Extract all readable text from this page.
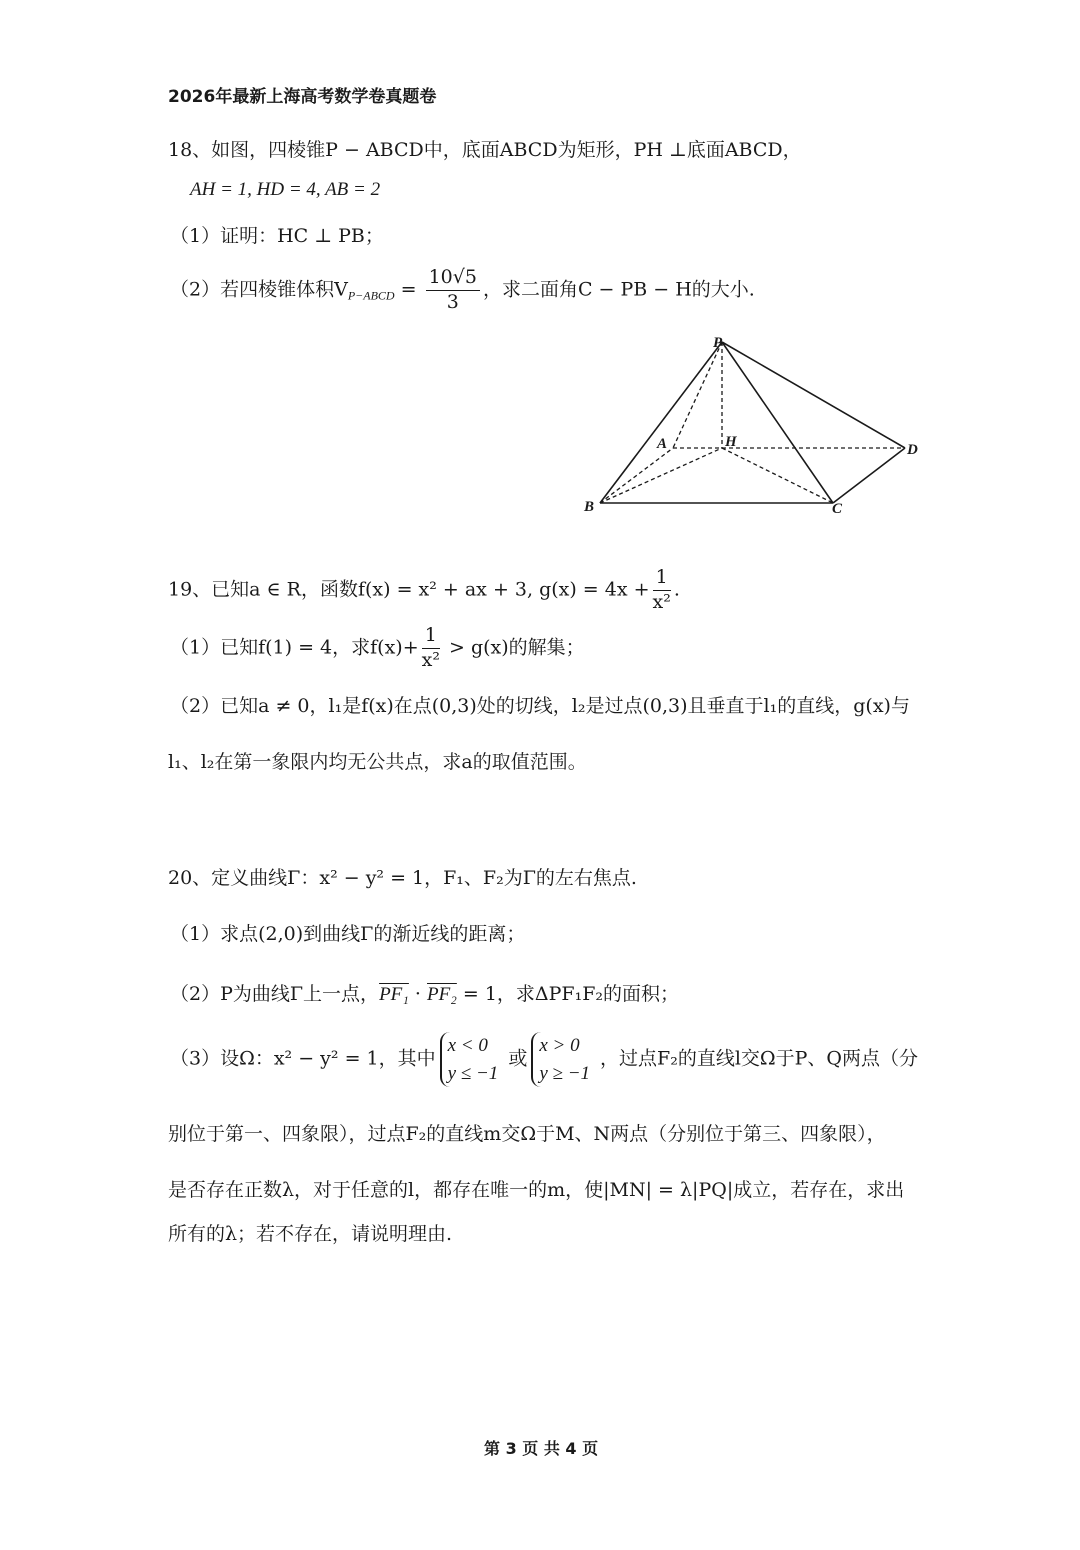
2026年最新上海高考数学卷真题卷
18、如图，四棱锥P − ABCD中，底面ABCD为矩形，PH ⊥底面ABCD，
AH = 1, HD = 4, AB = 2
（1）证明：HC ⊥ PB；
（2）若四棱锥体积$V_{P-ABCD} = \frac{10√5}{3}$ ，求二面角C − PB − H的大小.
P
A	H	D
B	C
19、已知a ∈ R，函数f(x) = x² + ax + 3, $g(x) = 4x + \frac{1}{\text{x²}}$ .
（1）已知f(1) = 4，求$f(x)+ \frac{1}{\text{x²}} > g(x)$的解集；
（2）已知a ≠ 0，l₁是f(x)在点(0,3)处的切线，l₂是过点(0,3)且垂直于l₁的直线，g(x)与
l₁、l₂在第一象限内均无公共点，求a的取值范围。
20、定义曲线Γ：x² − y² = 1，F₁、F₂为Γ的左右焦点.
（1）求点(2,0)到曲线Γ的渐近线的距离；
（2）P为曲线Γ上一点，PF₁ · PF₂ = 1，求ΔPF₁F₂的面积；
（3）设Ω：x² − y² = 1，其中
x < 0
y ≤ −1
或
x > 0
y ≥ −1
，过点F₂的直线l交Ω于P、Q两点（分
别位于第一、四象限），过点F₂的直线m交Ω于M、N两点（分别位于第三、四象限），
是否存在正数λ，对于任意的l，都存在唯一的m，使|MN| = λ|PQ|成立，若存在，求出
所有的λ；若不存在，请说明理由.
第 3 页 共 4 页
